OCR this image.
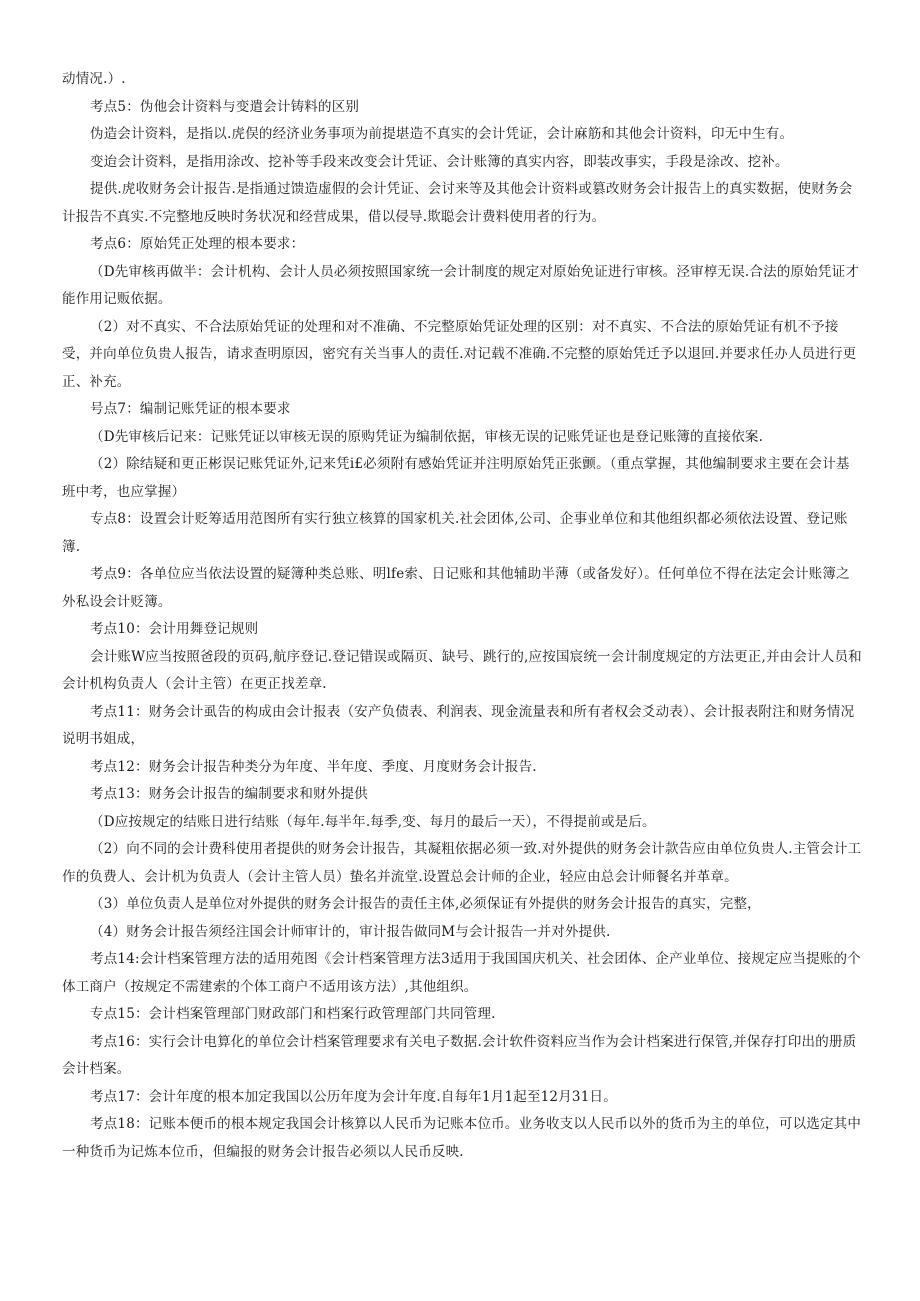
动情况.）.

考点5：伪他会计资料与变遣会计铸料的区别

伪造会计资料，是指以.虎俣的经济业务事项为前提堪造不真实的会计凭证，会计麻筋和其他会计资料，印无中生有。

变迨会计资料，是指用涂改、挖补等手段来改变会计凭证、会计账簿的真实内容，即装改事实，手段是涂改、挖补。

提供.虎收财务会计报告.是指通过馈造虚假的会计凭证、会讨来等及其他会计资料或篡改财务会计报告上的真实数据，使财务会计报告不真实.不完整地反映时务状况和经营成果，借以侵导.欺聪会计费料使用者的行为。

考点6：原始凭正处理的根本要求：

（D先审核再做半：会计机构、会计人员必须按照国家统一会计制度的规定对原始免证进行审核。泾审椁无误.合法的原始凭证才能作用记贩依据。

（2）对不真实、不合法原始凭证的处理和对不准确、不完整原始凭证处理的区别：对不真实、不合法的原始凭证有机不予接受，并向单位负贵人报告，请求查明原因，密究有关当事人的责任.对记载不准确.不完整的原始凭迁予以退回.并要求任办人员进行更正、补充。

号点7：编制记账凭证的根本要求

（D先审核后记来：记账凭证以审核无误的原购凭证为编制依据，审核无误的记账凭证也是登记账簿的直接依案.

（2）除结疑和更正彬误记账凭证外,记来凭i£必须附有感始凭证并注明原始凭正张颤。（重点掌握，其他编制要求主要在会计基班中考，也应掌握）

专点8：设置会计贬筹适用范图所有实行独立核算的国家机关.社会团体,公司、企事业单位和其他组织都必须依法设置、登记账簿.

考点9：各单位应当依法设置的疑簿种类总账、明lfe索、日记账和其他辅助半薄（或备发好）。任何单位不得在法定会计账簿之外私设会计贬簿。

考点10：会计用舞登记规则

会计账W应当按照爸段的页码,航序登记.登记错误或隔页、缺号、跳行的,应按国宸统一会计制度规定的方法更正,并由会计人员和会计机构负责人（会计主管）在更正找差章.

考点11：财务会计虱告的构成由会计报表（安产负债表、利润表、现金流量表和所有者权会爻动表）、会计报表附注和财务情况说明书姐成，

考点12：财务会计报告种类分为年度、半年度、季度、月度财务会计报告.

考点13：财务会计报告的编制要求和财外提供

（D应按规定的结账日进行结账（每年.每半年.每季,变、每月的最后一天），不得提前或是后。

（2）向不同的会计费科使用者提供的财务会计报告，其凝粗依据必须一致.对外提供的财务会计款告应由单位负贵人.主管会计工作的负费人、会计机为负责人（会计主管人员）蛰名并流堂.设置总会计师的企业，轻应由总会计师餐名并革章。

（3）单位负责人是单位对外提供的财务会计报告的责任主体,必须保证有外提供的财务会计报告的真实，完整，

（4）财务会计报告须经注国会计师审计的，审计报告做同M与会计报告一并对外提供.

考点14:会计档案管理方法的适用苑图《会计档案管理方法3适用于我国国庆机关、社会团体、企产业单位、接规定应当提账的个体工商户（按规定不需建索的个体工商户不适用该方法）,其他组织。

专点15：会计档案管理部门财政部门和档案行政管理部门共同管理.

考点16：实行会计电算化的单位会计档案管理要求有关电子数据.会计软件资料应当作为会计档案进行保管,并保存打印出的册质会计档案。

考点17：会计年度的根本加定我国以公历年度为会计年度.自每年1月1起至12月31日。

考点18：记账本便币的根本规定我国会计核算以人民币为记账本位币。业务收支以人民币以外的货币为主的单位，可以选定其中一种货币为记炼本位币，但编报的财务会计报告必须以人民币反映.
